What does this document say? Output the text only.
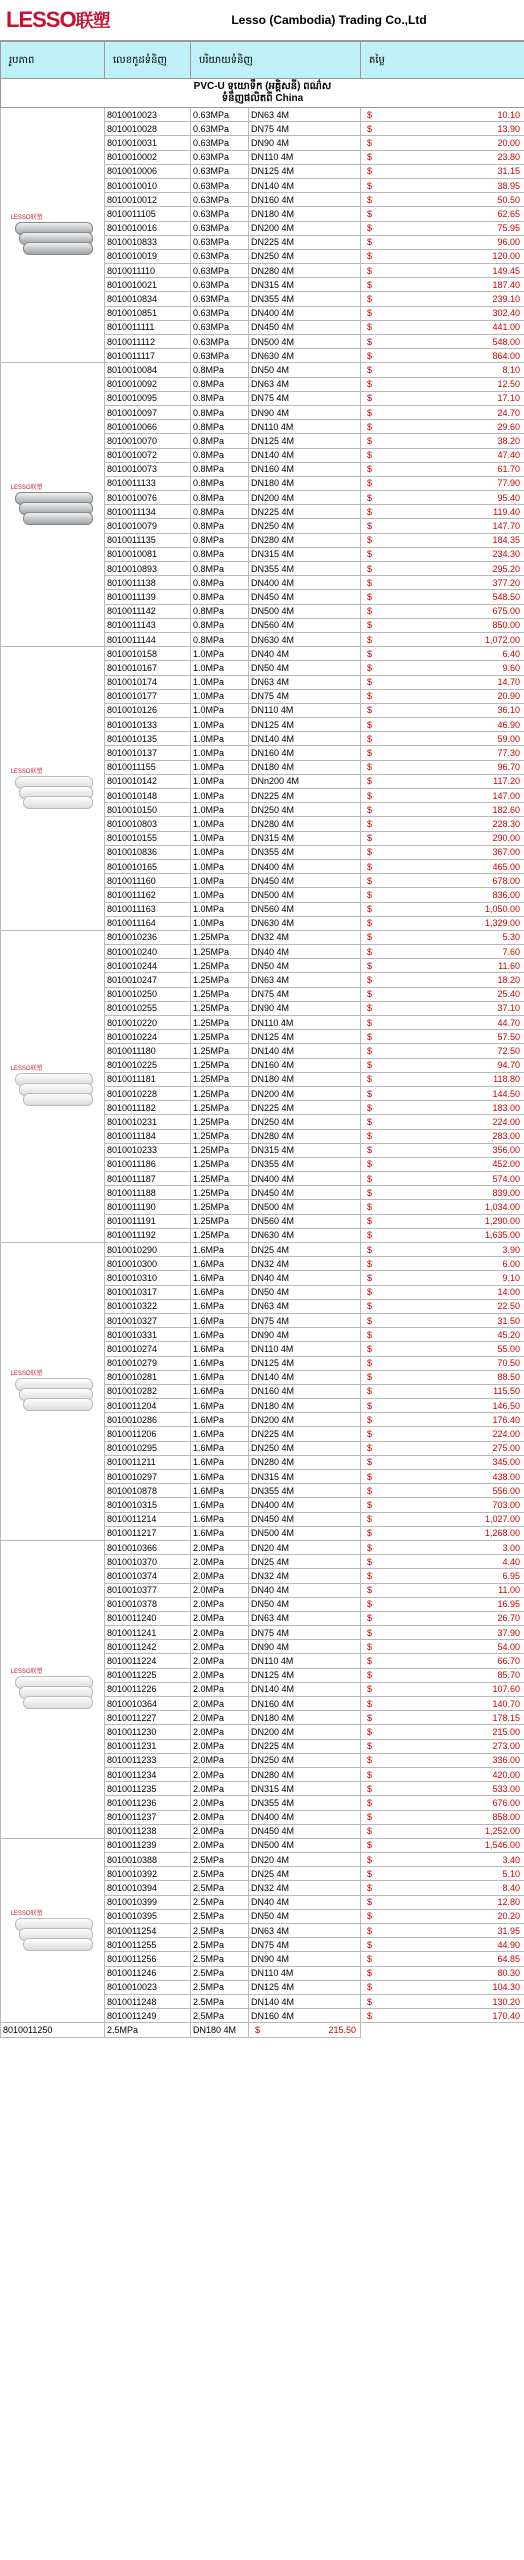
LESSO联塑	Lesso (Cambodia) Trading Co.,Ltd
រូបភាព	លេខកូដទំនិញ	បរិយាយទំនិញ		តម្លៃ
PVC-U ទុយោទឹក (អគ្គិសនី) ពណ៌ស
ទំនិញផលិតពី China				

LESSO联塑	8010010023	0.63MPa	DN63 4M	$ 10.10
	8010010028	0.63MPa	DN75 4M	$ 13.90
	8010010031	0.63MPa	DN90 4M	$ 20.00
	8010010002	0.63MPa	DN110 4M	$ 23.80
	8010010006	0.63MPa	DN125 4M	$ 31.15
	8010010010	0.63MPa	DN140 4M	$ 38.95
	8010010012	0.63MPa	DN160 4M	$ 50.50
	8010011105	0.63MPa	DN180 4M	$ 62.65
	8010010016	0.63MPa	DN200 4M	$ 75.95
	8010010833	0.63MPa	DN225 4M	$ 96.00
	8010010019	0.63MPa	DN250 4M	$ 120.00
	8010011110	0.63MPa	DN280 4M	$ 149.45
	8010010021	0.63MPa	DN315 4M	$ 187.40
	8010010834	0.63MPa	DN355 4M	$ 239.10
	8010010851	0.63MPa	DN400 4M	$ 302.40
	8010011111	0.63MPa	DN450 4M	$ 441.00
	8010011112	0.63MPa	DN500 4M	$ 548.00
	8010011117	0.63MPa	DN630 4M	$ 864.00

LESSO联塑	8010010084	0.8MPa	DN50 4M	$ 8.10
	8010010092	0.8MPa	DN63 4M	$ 12.50
	8010010095	0.8MPa	DN75 4M	$ 17.10
	8010010097	0.8MPa	DN90 4M	$ 24.70
	8010010066	0.8MPa	DN110 4M	$ 29.60
	8010010070	0.8MPa	DN125 4M	$ 38.20
	8010010072	0.8MPa	DN140 4M	$ 47.40
	8010010073	0.8MPa	DN160 4M	$ 61.70
	8010011133	0.8MPa	DN180 4M	$ 77.90
	8010010076	0.8MPa	DN200 4M	$ 95.40
	8010011134	0.8MPa	DN225 4M	$ 119.40
	8010010079	0.8MPa	DN250 4M	$ 147.70
	8010011135	0.8MPa	DN280 4M	$ 184.35
	8010010081	0.8MPa	DN315 4M	$ 234.30
	8010010893	0.8MPa	DN355 4M	$ 295.20
	8010011138	0.8MPa	DN400 4M	$ 377.20
	8010011139	0.8MPa	DN450 4M	$ 548.50
	8010011142	0.8MPa	DN500 4M	$ 675.00
	8010011143	0.8MPa	DN560 4M	$ 850.00
	8010011144	0.8MPa	DN630 4M	$ 1,072.00

LESSO联塑	8010010158	1.0MPa	DN40 4M	$ 6.40
	8010010167	1.0MPa	DN50 4M	$ 9.60
	8010010174	1.0MPa	DN63 4M	$ 14.70
	8010010177	1.0MPa	DN75 4M	$ 20.90
	8010010126	1.0MPa	DN110 4M	$ 36.10
	8010010133	1.0MPa	DN125 4M	$ 46.90
	8010010135	1.0MPa	DN140 4M	$ 59.00
	8010010137	1.0MPa	DN160 4M	$ 77.30
	8010011155	1.0MPa	DN180 4M	$ 96.70
	8010010142	1.0MPa	DNn200 4M	$ 117.20
	8010010148	1.0MPa	DN225 4M	$ 147.00
	8010010150	1.0MPa	DN250 4M	$ 182.60
	8010010803	1.0MPa	DN280 4M	$ 228.30
	8010010155	1.0MPa	DN315 4M	$ 290.00
	8010010836	1.0MPa	DN355 4M	$ 367.00
	8010010165	1.0MPa	DN400 4M	$ 465.00
	8010011160	1.0MPa	DN450 4M	$ 678.00
	8010011162	1.0MPa	DN500 4M	$ 836.00
	8010011163	1.0MPa	DN560 4M	$ 1,050.00
	8010011164	1.0MPa	DN630 4M	$ 1,329.00

LESSO联塑	8010010236	1.25MPa	DN32 4M	$ 5.30
	8010010240	1.25MPa	DN40 4M	$ 7.60
	8010010244	1.25MPa	DN50 4M	$ 11.60
	8010010247	1.25MPa	DN63 4M	$ 18.20
	8010010250	1.25MPa	DN75 4M	$ 25.40
	8010010255	1.25MPa	DN90 4M	$ 37.10
	8010010220	1.25MPa	DN110 4M	$ 44.70
	8010010224	1.25MPa	DN125 4M	$ 57.50
	8010011180	1.25MPa	DN140 4M	$ 72.50
	8010010225	1.25MPa	DN160 4M	$ 94.70
	8010011181	1.25MPa	DN180 4M	$ 118.80
	8010010228	1.25MPa	DN200 4M	$ 144.50
	8010011182	1.25MPa	DN225 4M	$ 183.00
	8010010231	1.25MPa	DN250 4M	$ 224.00
	8010011184	1.25MPa	DN280 4M	$ 283.00
	8010010233	1.25MPa	DN315 4M	$ 356.00
	8010011186	1.25MPa	DN355 4M	$ 452.00
	8010011187	1.25MPa	DN400 4M	$ 574.00
	8010011188	1.25MPa	DN450 4M	$ 839.00
	8010011190	1.25MPa	DN500 4M	$ 1,034.00
	8010011191	1.25MPa	DN560 4M	$ 1,290.00
	8010011192	1.25MPa	DN630 4M	$ 1,635.00

LESSO联塑	8010010290	1.6MPa	DN25 4M	$ 3.90
	8010010300	1.6MPa	DN32 4M	$ 6.00
	8010010310	1.6MPa	DN40 4M	$ 9.10
	8010010317	1.6MPa	DN50 4M	$ 14.00
	8010010322	1.6MPa	DN63 4M	$ 22.50
	8010010327	1.6MPa	DN75 4M	$ 31.50
	8010010331	1.6MPa	DN90 4M	$ 45.20
	8010010274	1.6MPa	DN110 4M	$ 55.00
	8010010279	1.6MPa	DN125 4M	$ 70.50
	8010010281	1.6MPa	DN140 4M	$ 88.50
	8010010282	1.6MPa	DN160 4M	$ 115.50
	8010011204	1.6MPa	DN180 4M	$ 146.50
	8010010286	1.6MPa	DN200 4M	$ 176.40
	8010011206	1.6MPa	DN225 4M	$ 224.00
	8010010295	1.6MPa	DN250 4M	$ 275.00
	8010011211	1.6MPa	DN280 4M	$ 345.00
	8010010297	1.6MPa	DN315 4M	$ 438.00
	8010010878	1.6MPa	DN355 4M	$ 556.00
	8010010315	1.6MPa	DN400 4M	$ 703.00
	8010011214	1.6MPa	DN450 4M	$ 1,027.00
	8010011217	1.6MPa	DN500 4M	$ 1,268.00

LESSO联塑	8010010366	2.0MPa	DN20 4M	$ 3.00
	8010010370	2.0MPa	DN25 4M	$ 4.40
	8010010374	2.0MPa	DN32 4M	$ 6.95
	8010010377	2.0MPa	DN40 4M	$ 11.00
	8010010378	2.0MPa	DN50 4M	$ 16.95
	8010011240	2.0MPa	DN63 4M	$ 26.70
	8010011241	2.0MPa	DN75 4M	$ 37.90
	8010011242	2.0MPa	DN90 4M	$ 54.00
	8010011224	2.0MPa	DN110 4M	$ 66.70
	8010011225	2.0MPa	DN125 4M	$ 85.70
	8010011226	2.0MPa	DN140 4M	$ 107.60
	8010010364	2.0MPa	DN160 4M	$ 140.70
	8010011227	2.0MPa	DN180 4M	$ 178.15
	8010011230	2.0MPa	DN200 4M	$ 215.00
	8010011231	2.0MPa	DN225 4M	$ 273.00
	8010011233	2.0MPa	DN250 4M	$ 336.00
	8010011234	2.0MPa	DN280 4M	$ 420.00
	8010011235	2.0MPa	DN315 4M	$ 533.00
	8010011236	2.0MPa	DN355 4M	$ 676.00
	8010011237	2.0MPa	DN400 4M	$ 858.00
	8010011238	2.0MPa	DN450 4M	$ 1,252.00

LESSO联塑	8010011239	2.0MPa	DN500 4M	$ 1,546.00
	8010010388	2.5MPa	DN20 4M	$ 3.40
	8010010392	2.5MPa	DN25 4M	$ 5.10
	8010010394	2.5MPa	DN32 4M	$ 8.40
	8010010399	2.5MPa	DN40 4M	$ 12.80
	8010010395	2.5MPa	DN50 4M	$ 20.20
	8010011254	2.5MPa	DN63 4M	$ 31.95
	8010011255	2.5MPa	DN75 4M	$ 44.90
	8010011256	2.5MPa	DN90 4M	$ 64.85
	8010011246	2.5MPa	DN110 4M	$ 80.30
	8010010023	2.5MPa	DN125 4M	$ 104.30
	8010011248	2.5MPa	DN140 4M	$ 130.20
	8010011249	2.5MPa	DN160 4M	$ 170.40
8010011250	2.5MPa	DN180 4M	$ 215.50	
